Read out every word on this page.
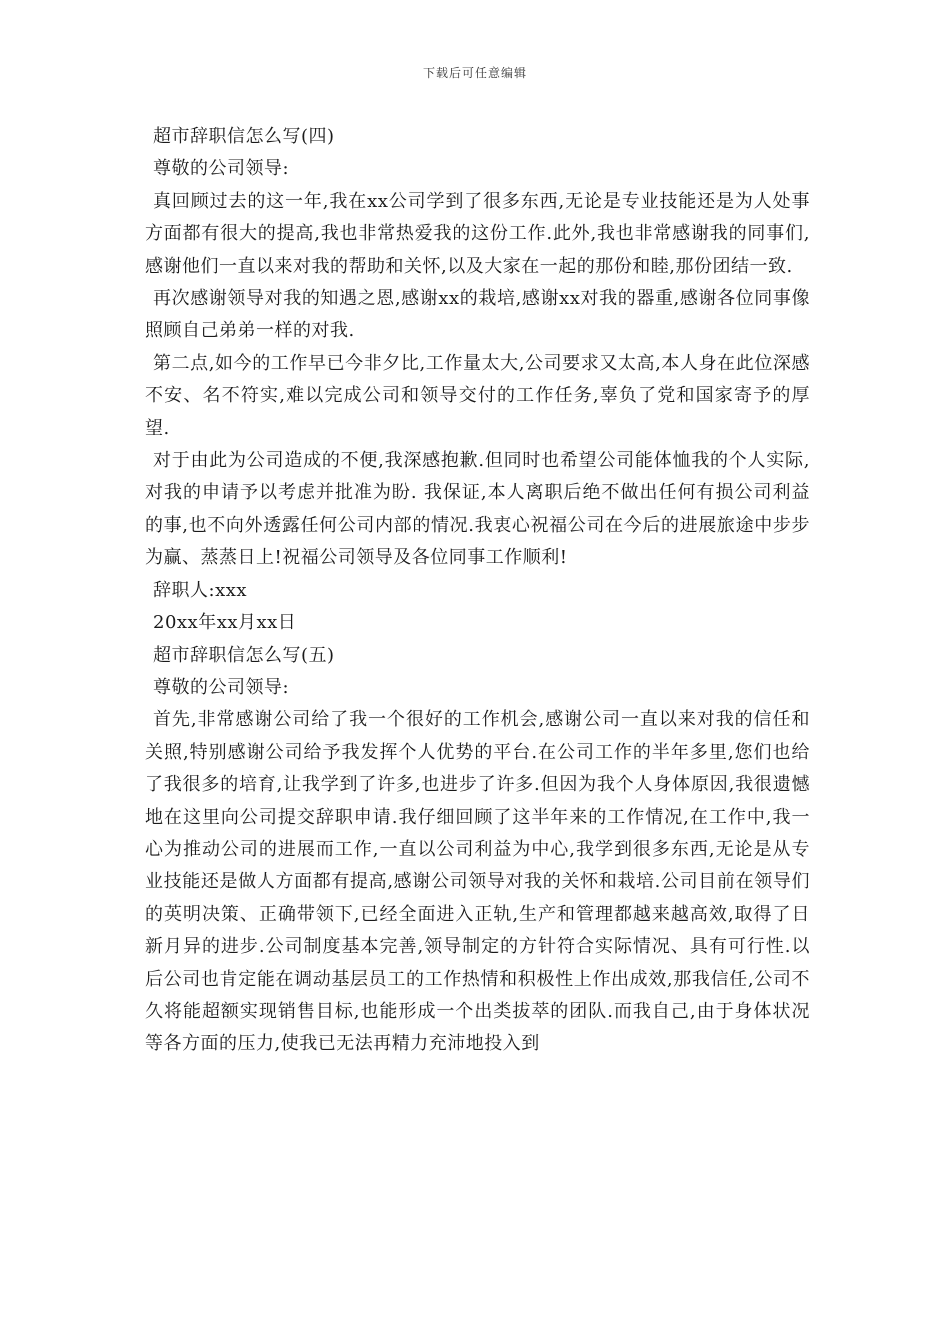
下载后可任意编辑

超市辞职信怎么写(四)

尊敬的公司领导:

真回顾过去的这一年,我在xx公司学到了很多东西,无论是专业技能还是为人处事方面都有很大的提高,我也非常热爱我的这份工作.此外,我也非常感谢我的同事们,感谢他们一直以来对我的帮助和关怀,以及大家在一起的那份和睦,那份团结一致.

再次感谢领导对我的知遇之恩,感谢xx的栽培,感谢xx对我的器重,感谢各位同事像照顾自己弟弟一样的对我.

第二点,如今的工作早已今非夕比,工作量太大,公司要求又太高,本人身在此位深感不安、名不符实,难以完成公司和领导交付的工作任务,辜负了党和国家寄予的厚望.

对于由此为公司造成的不便,我深感抱歉.但同时也希望公司能体恤我的个人实际,对我的申请予以考虑并批准为盼. 我保证,本人离职后绝不做出任何有损公司利益的事,也不向外透露任何公司内部的情况.我衷心祝福公司在今后的进展旅途中步步为赢、蒸蒸日上!祝福公司领导及各位同事工作顺利!

辞职人:xxx

20xx年xx月xx日

超市辞职信怎么写(五)

尊敬的公司领导:

首先,非常感谢公司给了我一个很好的工作机会,感谢公司一直以来对我的信任和关照,特别感谢公司给予我发挥个人优势的平台.在公司工作的半年多里,您们也给了我很多的培育,让我学到了许多,也进步了许多.但因为我个人身体原因,我很遗憾地在这里向公司提交辞职申请.我仔细回顾了这半年来的工作情况,在工作中,我一心为推动公司的进展而工作,一直以公司利益为中心,我学到很多东西,无论是从专业技能还是做人方面都有提高,感谢公司领导对我的关怀和栽培.公司目前在领导们的英明决策、正确带领下,已经全面进入正轨,生产和管理都越来越高效,取得了日新月异的进步.公司制度基本完善,领导制定的方针符合实际情况、具有可行性.以后公司也肯定能在调动基层员工的工作热情和积极性上作出成效,那我信任,公司不久将能超额实现销售目标,也能形成一个出类拔萃的团队.而我自己,由于身体状况等各方面的压力,使我已无法再精力充沛地投入到
